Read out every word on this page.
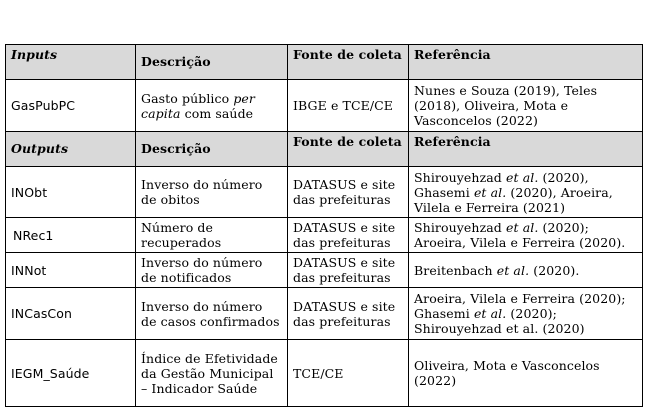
Inputs	Descrição	Fonte de coleta	Referência
GasPubPC	Gasto público per capita com saúde	IBGE e TCE/CE	Nunes e Souza (2019), Teles (2018), Oliveira, Mota e Vasconcelos (2022)
Outputs	Descrição	Fonte de coleta	Referência
INObt	Inverso do número de obitos	DATASUS e site das prefeituras	Shirouyehzad et al. (2020), Ghasemi et al. (2020), Aroeira, Vilela e Ferreira (2021)
NRec1	Número de recuperados	DATASUS e site das prefeituras	Shirouyehzad et al. (2020); Aroeira, Vilela e Ferreira (2020).
INNot	Inverso do número de notificados	DATASUS e site das prefeituras	Breitenbach et al. (2020).
INCasCon	Inverso do número de casos confirmados	DATASUS e site das prefeituras	Aroeira, Vilela e Ferreira (2020); Ghasemi et al. (2020); Shirouyehzad et al. (2020)
IEGM_Saúde	Índice de Efetividade da Gestão Municipal – Indicador Saúde	TCE/CE	Oliveira, Mota e Vasconcelos (2022)
